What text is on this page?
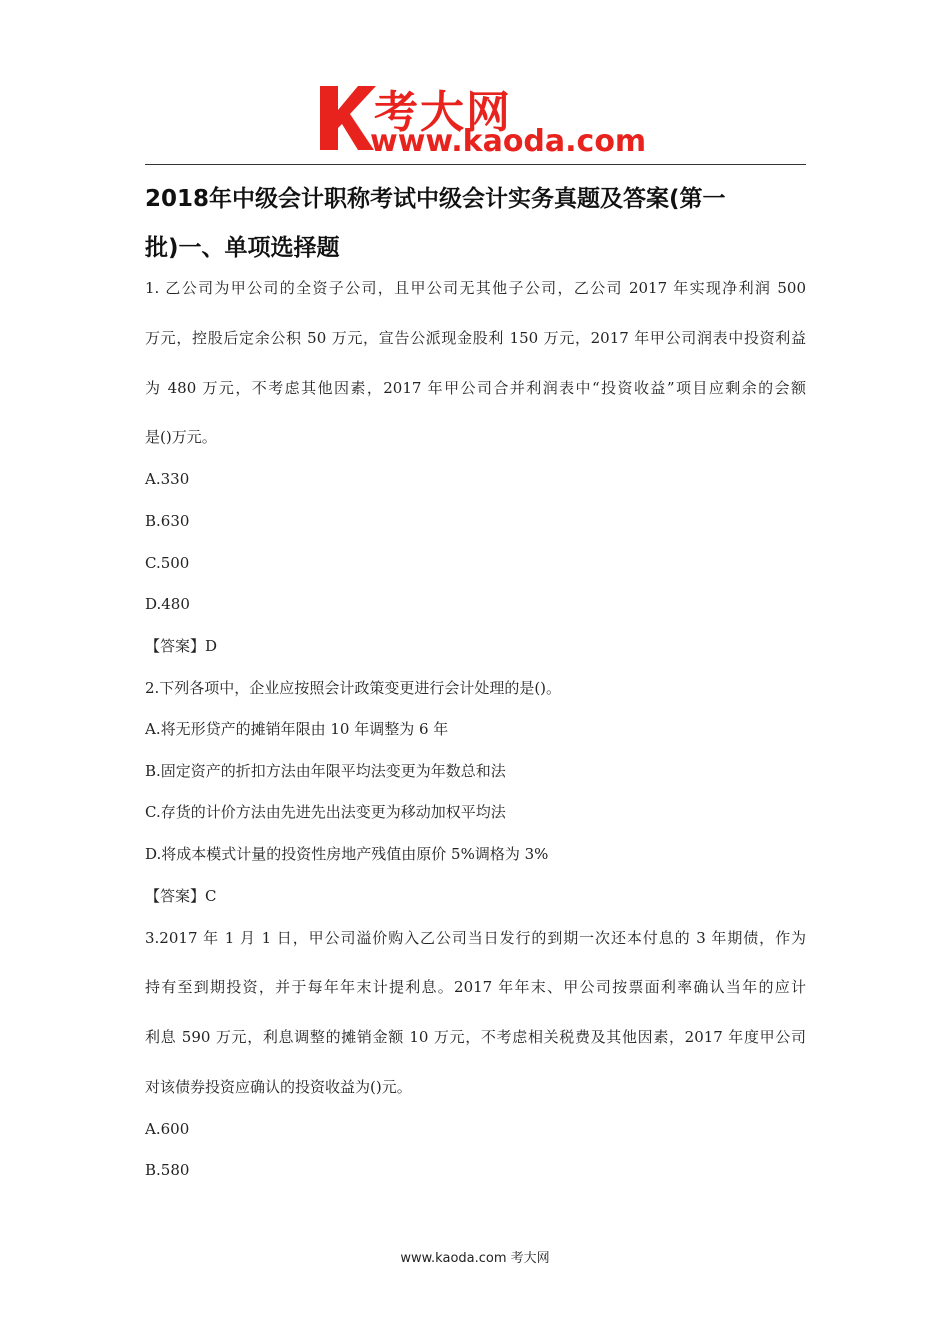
考大网
www.kaoda.com
2018年中级会计职称考试中级会计实务真题及答案(第一
批)一、单项选择题
1. 乙公司为甲公司的全资子公司，且甲公司无其他子公司，乙公司 2017 年实现净利润 500
万元，控股后定余公积 50 万元，宣告公派现金股利 150 万元，2017 年甲公司润表中投资利益
为 480 万元，不考虑其他因素，2017 年甲公司合并利润表中“投资收益”项目应剩余的会额
是()万元。
A.330
B.630
C.500
D.480
【答案】D
2.下列各项中，企业应按照会计政策变更进行会计处理的是()。
A.将无形贷产的摊销年限由 10 年调整为 6 年
B.固定资产的折扣方法由年限平均法变更为年数总和法
C.存货的计价方法由先进先出法变更为移动加权平均法
D.将成本模式计量的投资性房地产残值由原价 5%调格为 3%
【答案】C
3.2017 年 1 月 1 日，甲公司溢价购入乙公司当日发行的到期一次还本付息的 3 年期债，作为
持有至到期投资，并于每年年末计提利息。2017 年年末、甲公司按票面利率确认当年的应计
利息 590 万元，利息调整的摊销金额 10 万元，不考虑相关税费及其他因素，2017 年度甲公司
对该债券投资应确认的投资收益为()元。
A.600
B.580
www.kaoda.com 考大网
